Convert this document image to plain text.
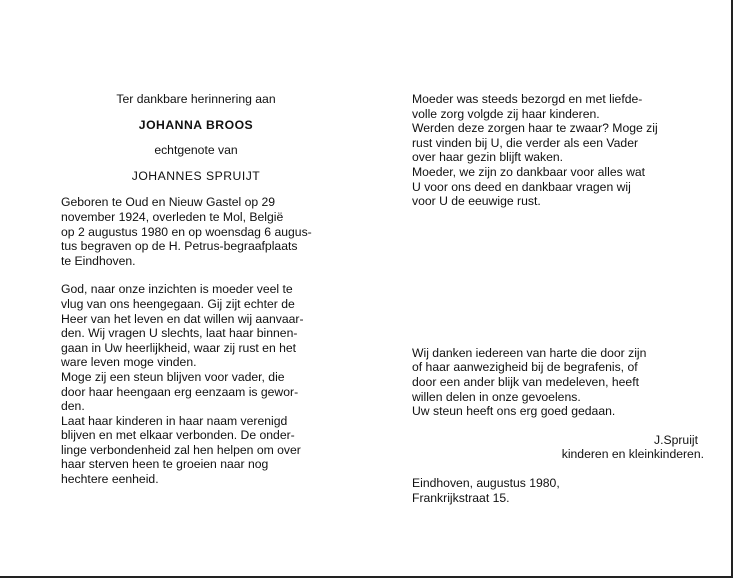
Ter dankbare herinnering aan
JOHANNA BROOS
echtgenote van
JOHANNES SPRUIJT
Geboren te Oud en Nieuw Gastel op 29
november 1924, overleden te Mol, België
op 2 augustus 1980 en op woensdag 6 augus-
tus begraven op de H. Petrus-begraafplaats
te Eindhoven.
God, naar onze inzichten is moeder veel te
vlug van ons heengegaan. Gij zijt echter de
Heer van het leven en dat willen wij aanvaar-
den. Wij vragen U slechts, laat haar binnen-
gaan in Uw heerlijkheid, waar zij rust en het
ware leven moge vinden.
Moge zij een steun blijven voor vader, die
door haar heengaan erg eenzaam is gewor-
den.
Laat haar kinderen in haar naam verenigd
blijven en met elkaar verbonden. De onder-
linge verbondenheid zal hen helpen om over
haar sterven heen te groeien naar nog
hechtere eenheid.
Moeder was steeds bezorgd en met liefde-
volle zorg volgde zij haar kinderen.
Werden deze zorgen haar te zwaar? Moge zij
rust vinden bij U, die verder als een Vader
over haar gezin blijft waken.
Moeder, we zijn zo dankbaar voor alles wat
U voor ons deed en dankbaar vragen wij
voor U de eeuwige rust.
Wij danken iedereen van harte die door zijn
of haar aanwezigheid bij de begrafenis, of
door een ander blijk van medeleven, heeft
willen delen in onze gevoelens.
Uw steun heeft ons erg goed gedaan.
J.Spruijt
kinderen en kleinkinderen.
Eindhoven, augustus 1980,
Frankrijkstraat 15.
